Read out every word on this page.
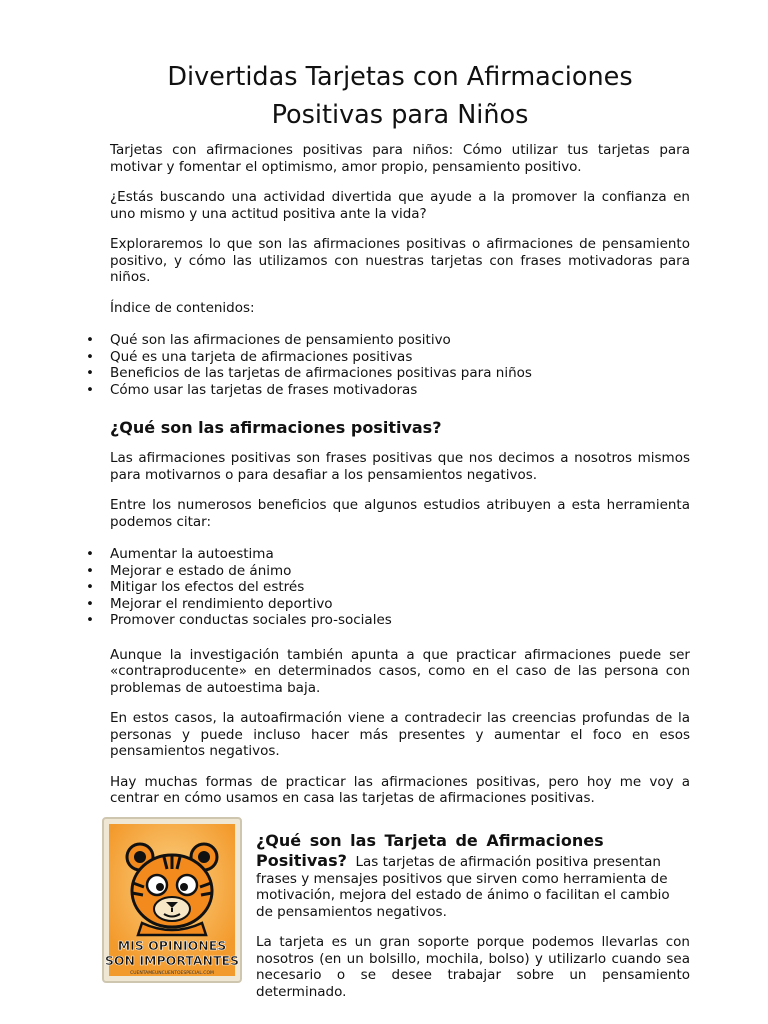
Divertidas Tarjetas con Afirmaciones
Positivas para Niños

Tarjetas con afirmaciones positivas para niños: Cómo utilizar tus tarjetas para motivar y fomentar el optimismo, amor propio, pensamiento positivo.

¿Estás buscando una actividad divertida que ayude a la promover la confianza en uno mismo y una actitud positiva ante la vida?

Exploraremos lo que son las afirmaciones positivas o afirmaciones de pensamiento positivo, y cómo las utilizamos con nuestras tarjetas con frases motivadoras para niños.

Índice de contenidos:

• Qué son las afirmaciones de pensamiento positivo
• Qué es una tarjeta de afirmaciones positivas
• Beneficios de las tarjetas de afirmaciones positivas para niños
• Cómo usar las tarjetas de frases motivadoras
¿Qué son las afirmaciones positivas?

Las afirmaciones positivas son frases positivas que nos decimos a nosotros mismos para motivarnos o para desafiar a los pensamientos negativos.

Entre los numerosos beneficios que algunos estudios atribuyen a esta herramienta podemos citar:

• Aumentar la autoestima
• Mejorar e estado de ánimo
• Mitigar los efectos del estrés
• Mejorar el rendimiento deportivo
• Promover conductas sociales pro-sociales

Aunque la investigación también apunta a que practicar afirmaciones puede ser «contraproducente» en determinados casos, como en el caso de las persona con problemas de autoestima baja.

En estos casos, la autoafirmación viene a contradecir las creencias profundas de la personas y puede incluso hacer más presentes y aumentar el foco en esos pensamientos negativos.

Hay muchas formas de practicar las afirmaciones positivas, pero hoy me voy a centrar en cómo usamos en casa las tarjetas de afirmaciones positivas.

MIS OPINIONES
SON IMPORTANTES
CUENTAMEUNCUENTOESPECIAL.COM

¿Qué son las Tarjeta de Afirmaciones Positivas? Las tarjetas de afirmación positiva presentan frases y mensajes positivos que sirven como herramienta de motivación, mejora del estado de ánimo o facilitan el cambio de pensamientos negativos.

La tarjeta es un gran soporte porque podemos llevarlas con nosotros (en un bolsillo, mochila, bolso) y utilizarlo cuando sea necesario o se desee trabajar sobre un pensamiento determinado.
